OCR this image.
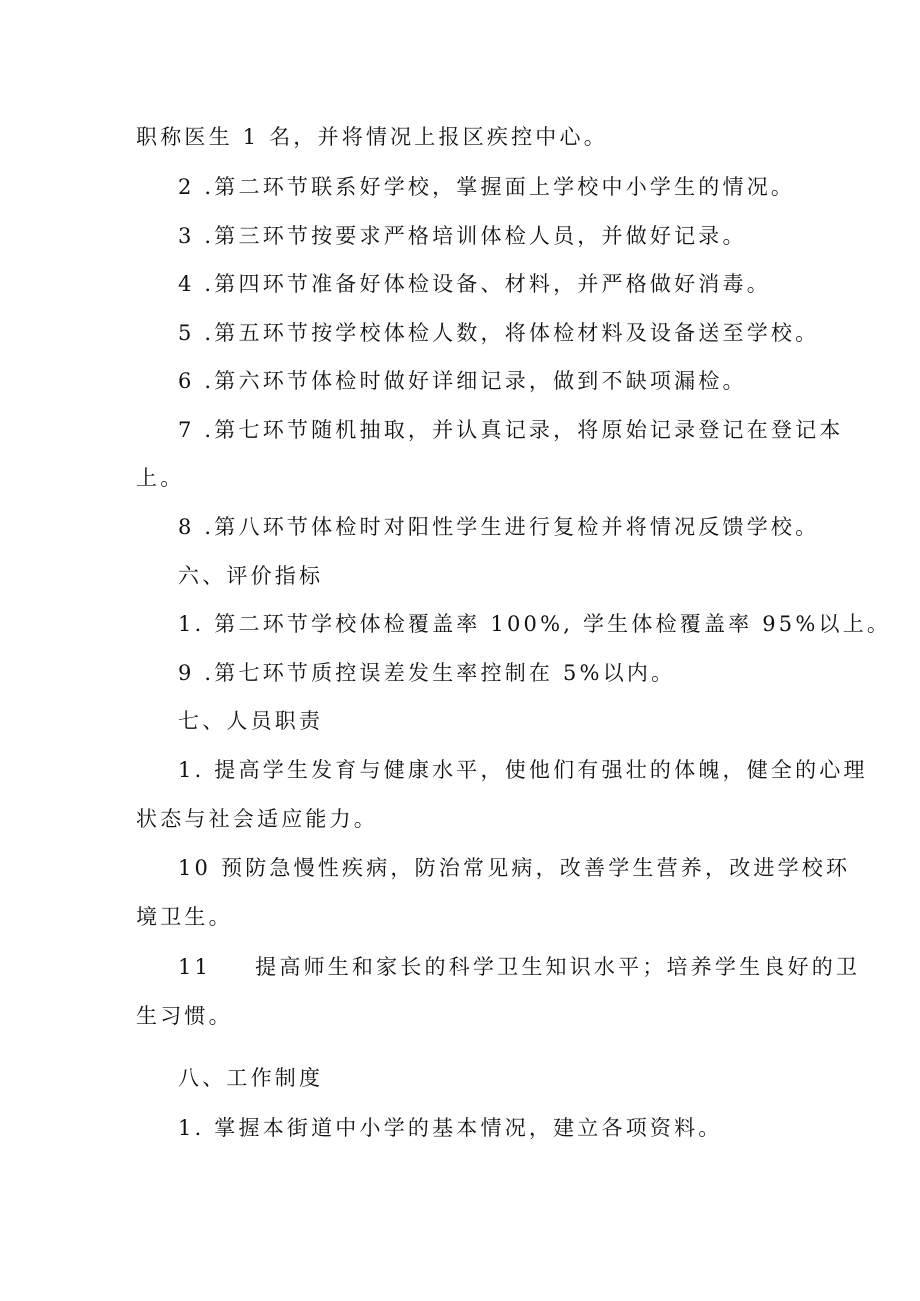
职称医生 1 名，并将情况上报区疾控中心。
2 .第二环节联系好学校，掌握面上学校中小学生的情况。
3 .第三环节按要求严格培训体检人员，并做好记录。
4 .第四环节准备好体检设备、材料，并严格做好消毒。
5 .第五环节按学校体检人数，将体检材料及设备送至学校。
6 .第六环节体检时做好详细记录，做到不缺项漏检。
7 .第七环节随机抽取，并认真记录，将原始记录登记在登记本
上。
8 .第八环节体检时对阳性学生进行复检并将情况反馈学校。
六、评价指标
1. 第二环节学校体检覆盖率 100%, 学生体检覆盖率 95%以上。
9 .第七环节质控误差发生率控制在 5%以内。
七、人员职责
1. 提高学生发育与健康水平，使他们有强壮的体魄，健全的心理
状态与社会适应能力。
10 预防急慢性疾病，防治常见病，改善学生营养，改进学校环
境卫生。
11 提高师生和家长的科学卫生知识水平；培养学生良好的卫
生习惯。
八、工作制度
1. 掌握本街道中小学的基本情况，建立各项资料。
